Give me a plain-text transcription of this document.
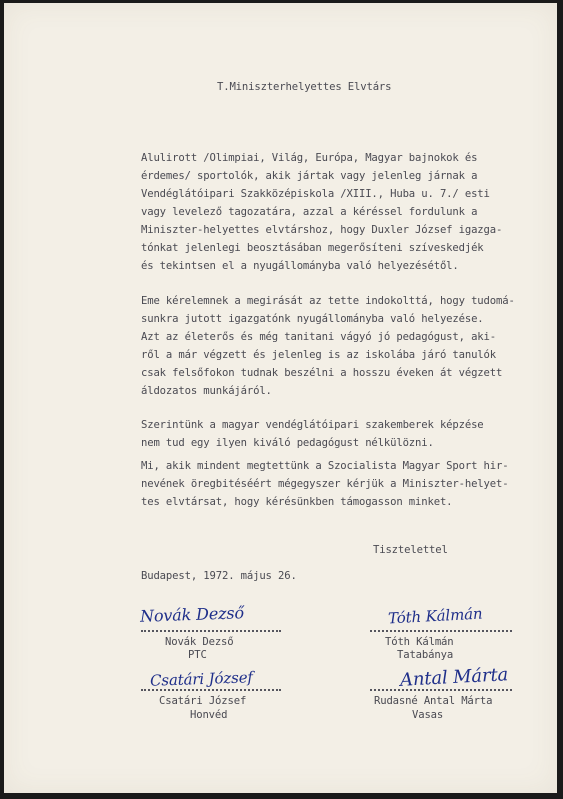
T.Miniszterhelyettes Elvtárs
Alulirott /Olimpiai, Világ, Európa, Magyar bajnokok és
érdemes/ sportolók, akik jártak vagy jelenleg járnak a
Vendéglátóipari Szakközépiskola /XIII., Huba u. 7./ esti
vagy levelező tagozatára, azzal a kéréssel fordulunk a
Miniszter-helyettes elvtárshoz, hogy Duxler József igazga-
tónkat jelenlegi beosztásában megerősíteni szíveskedjék
és tekintsen el a nyugállományba való helyezésétől.
Eme kérelemnek a megirását az tette indokolttá, hogy tudomá-
sunkra jutott igazgatónk nyugállományba való helyezése.
Azt az életerős és még tanitani vágyó jó pedagógust, aki-
ről a már végzett és jelenleg is az iskolába járó tanulók
csak felsőfokon tudnak beszélni a hosszu éveken át végzett
áldozatos munkájáról.
Szerintünk a magyar vendéglátóipari szakemberek képzése
nem tud egy ilyen kiváló pedagógust nélkülözni.
Mi, akik mindent megtettünk a Szocialista Magyar Sport hir-
nevének öregbitéséért mégegyszer kérjük a Miniszter-helyet-
tes elvtársat, hogy kérésünkben támogasson minket.
Tisztelettel
Budapest, 1972. május 26.
Novák Dezső
Novák Dezső
PTC
Tóth Kálmán
Tóth Kálmán
Tatabánya
Csatári József
Csatári József
Honvéd
Antal Márta
Rudasné Antal Márta
Vasas
